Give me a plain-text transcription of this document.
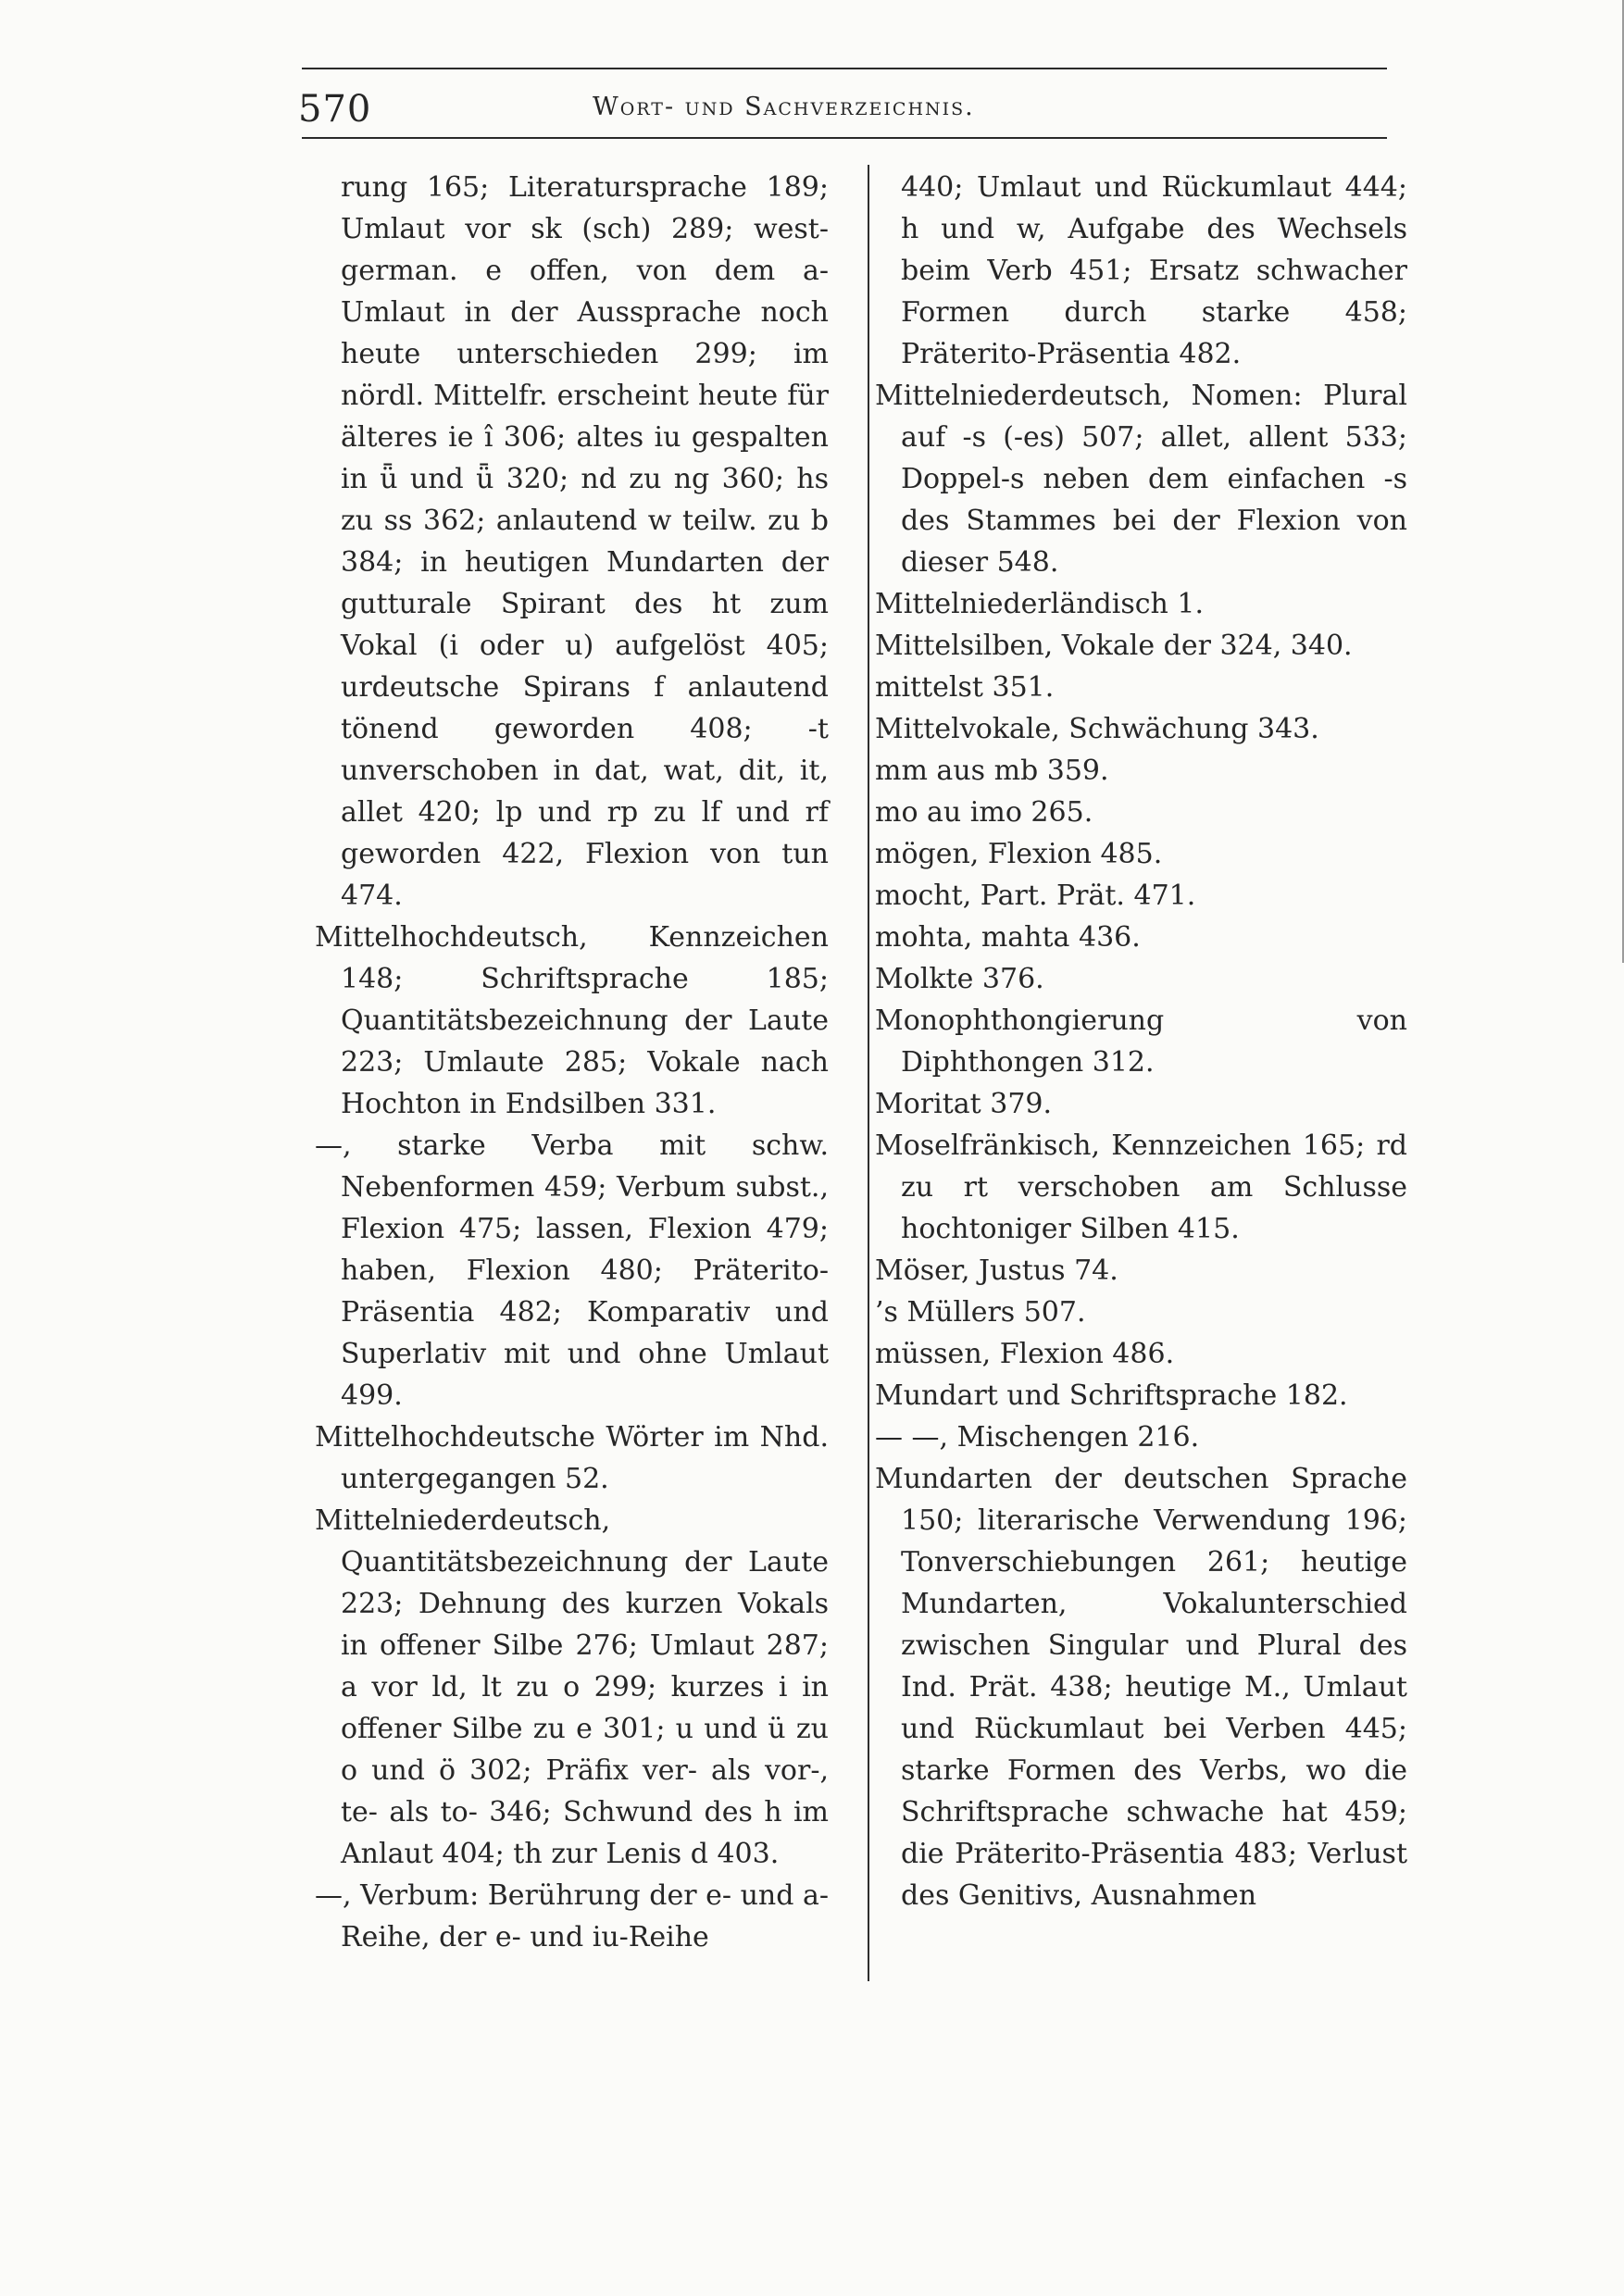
570	Wort- und Sachverzeichnis.

rung 165; Literatursprache 189; Umlaut vor sk (sch) 289; west-german. e offen, von dem a-Umlaut in der Aussprache noch heute unterschieden 299; im nördl. Mittelfr. erscheint heute für älteres ie î 306; altes iu gespalten in ǖ und ǖ 320; nd zu ng 360; hs zu ss 362; anlautend w teilw. zu b 384; in heutigen Mundarten der gutturale Spirant des ht zum Vokal (i oder u) aufgelöst 405; urdeutsche Spirans f anlautend tönend geworden 408; -t unverschoben in dat, wat, dit, it, allet 420; lp und rp zu lf und rf geworden 422, Flexion von tun 474.

Mittelhochdeutsch, Kennzeichen 148; Schriftsprache 185; Quantitätsbezeichnung der Laute 223; Umlaute 285; Vokale nach Hochton in Endsilben 331.

—, starke Verba mit schw. Nebenformen 459; Verbum subst., Flexion 475; lassen, Flexion 479; haben, Flexion 480; Präterito-Präsentia 482; Komparativ und Superlativ mit und ohne Umlaut 499.

Mittelhochdeutsche Wörter im Nhd. untergegangen 52.

Mittelniederdeutsch, Quantitätsbezeichnung der Laute 223; Dehnung des kurzen Vokals in offener Silbe 276; Umlaut 287; a vor ld, lt zu o 299; kurzes i in offener Silbe zu e 301; u und ü zu o und ö 302; Präfix ver- als vor-, te- als to- 346; Schwund des h im Anlaut 404; th zur Lenis d 403.

—, Verbum: Berührung der e- und a-Reihe, der e- und iu-Reihe

440; Umlaut und Rückumlaut 444; h und w, Aufgabe des Wechsels beim Verb 451; Ersatz schwacher Formen durch starke 458; Präterito-Präsentia 482.

Mittelniederdeutsch, Nomen: Plural auf -s (-es) 507; allet, allent 533; Doppel-s neben dem einfachen -s des Stammes bei der Flexion von dieser 548.

Mittelniederländisch 1.

Mittelsilben, Vokale der 324, 340.

mittelst 351.

Mittelvokale, Schwächung 343.

mm aus mb 359.

mo au imo 265.

mögen, Flexion 485.

mocht, Part. Prät. 471.

mohta, mahta 436.

Molkte 376.

Monophthongierung von Diphthongen 312.

Moritat 379.

Moselfränkisch, Kennzeichen 165; rd zu rt verschoben am Schlusse hochtoniger Silben 415.

Möser, Justus 74.

’s Müllers 507.

müssen, Flexion 486.

Mundart und Schriftsprache 182.

— —, Mischengen 216.

Mundarten der deutschen Sprache 150; literarische Verwendung 196; Tonverschiebungen 261; heutige Mundarten, Vokalunterschied zwischen Singular und Plural des Ind. Prät. 438; heutige M., Umlaut und Rückumlaut bei Verben 445; starke Formen des Verbs, wo die Schriftsprache schwache hat 459; die Präterito-Präsentia 483; Verlust des Genitivs, Ausnahmen
